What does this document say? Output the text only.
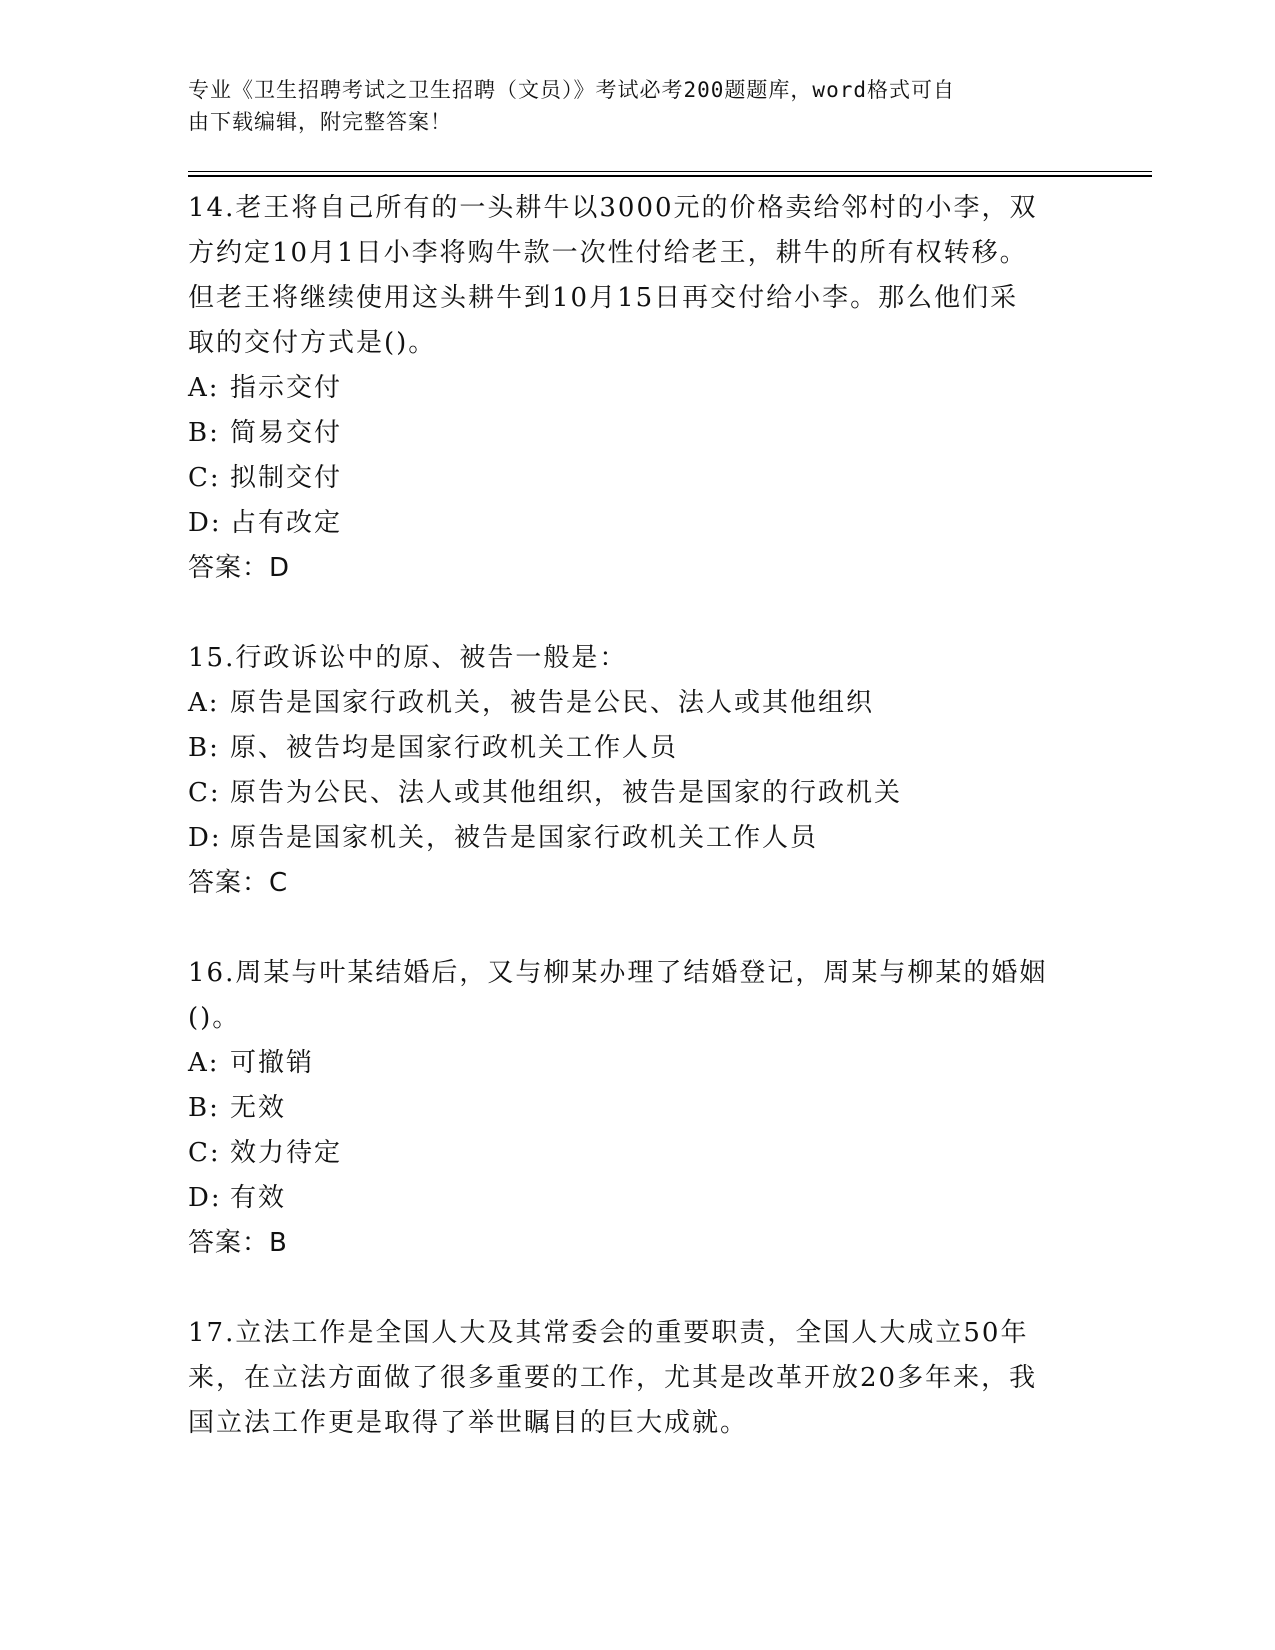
专业《卫生招聘考试之卫生招聘（文员）》考试必考200题题库，word格式可自
由下载编辑，附完整答案！

14.老王将自己所有的一头耕牛以3000元的价格卖给邻村的小李，双
方约定10月1日小李将购牛款一次性付给老王，耕牛的所有权转移。
但老王将继续使用这头耕牛到10月15日再交付给小李。那么他们采
取的交付方式是()。

A: 指示交付
B: 简易交付
C: 拟制交付
D: 占有改定

答案：D

15.行政诉讼中的原、被告一般是：

A: 原告是国家行政机关，被告是公民、法人或其他组织
B: 原、被告均是国家行政机关工作人员
C: 原告为公民、法人或其他组织，被告是国家的行政机关
D: 原告是国家机关，被告是国家行政机关工作人员

答案：C

16.周某与叶某结婚后，又与柳某办理了结婚登记，周某与柳某的婚姻
()。

A: 可撤销
B: 无效
C: 效力待定
D: 有效

答案：B

17.立法工作是全国人大及其常委会的重要职责，全国人大成立50年
来，在立法方面做了很多重要的工作，尤其是改革开放20多年来，我
国立法工作更是取得了举世瞩目的巨大成就。
